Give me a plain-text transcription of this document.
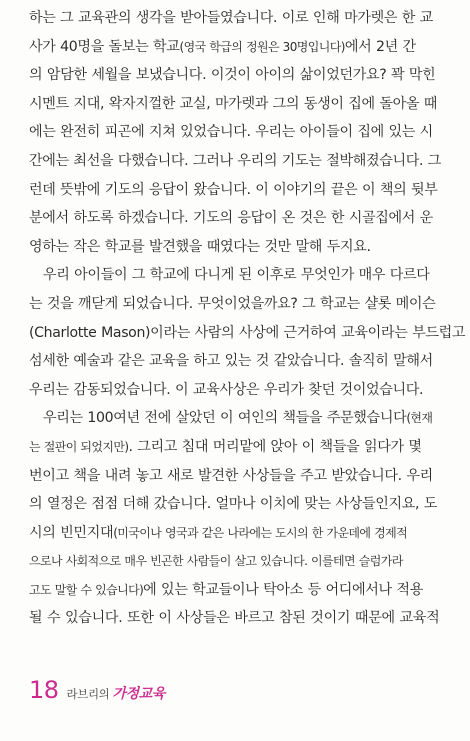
하는 그 교육관의 생각을 받아들였습니다. 이로 인해 마가렛은 한 교
사가 40명을 돌보는 학교(영국 학급의 정원은 30명입니다)에서 2년 간
의 암담한 세월을 보냈습니다. 이것이 아이의 삶이었던가요? 꽉 막힌
시멘트 지대, 왁자지껄한 교실, 마가렛과 그의 동생이 집에 돌아올 때
에는 완전히 피곤에 지쳐 있었습니다. 우리는 아이들이 집에 있는 시
간에는 최선을 다했습니다. 그러나 우리의 기도는 절박해졌습니다. 그
런데 뜻밖에 기도의 응답이 왔습니다. 이 이야기의 끝은 이 책의 뒷부
분에서 하도록 하겠습니다. 기도의 응답이 온 것은 한 시골집에서 운
영하는 작은 학교를 발견했을 때였다는 것만 말해 두지요.
우리 아이들이 그 학교에 다니게 된 이후로 무엇인가 매우 다르다
는 것을 깨닫게 되었습니다. 무엇이었을까요? 그 학교는 샬롯 메이슨
(Charlotte Mason)이라는 사람의 사상에 근거하여 교육이라는 부드럽고
섬세한 예술과 같은 교육을 하고 있는 것 같았습니다. 솔직히 말해서
우리는 감동되었습니다. 이 교육사상은 우리가 찾던 것이었습니다.
우리는 100여년 전에 살았던 이 여인의 책들을 주문했습니다(현재
는 절판이 되었지만). 그리고 침대 머리맡에 앉아 이 책들을 읽다가 몇
번이고 책을 내려 놓고 새로 발견한 사상들을 주고 받았습니다. 우리
의 열정은 점점 더해 갔습니다. 얼마나 이치에 맞는 사상들인지요, 도
시의 빈민지대(미국이나 영국과 같은 나라에는 도시의 한 가운데에 경제적
으로나 사회적으로 매우 빈곤한 사람들이 살고 있습니다. 이를테면 슬럼가라
고도 말할 수 있습니다)에 있는 학교들이나 탁아소 등 어디에서나 적용
될 수 있습니다. 또한 이 사상들은 바르고 참된 것이기 때문에 교육적
18 라브리의 가정교육
